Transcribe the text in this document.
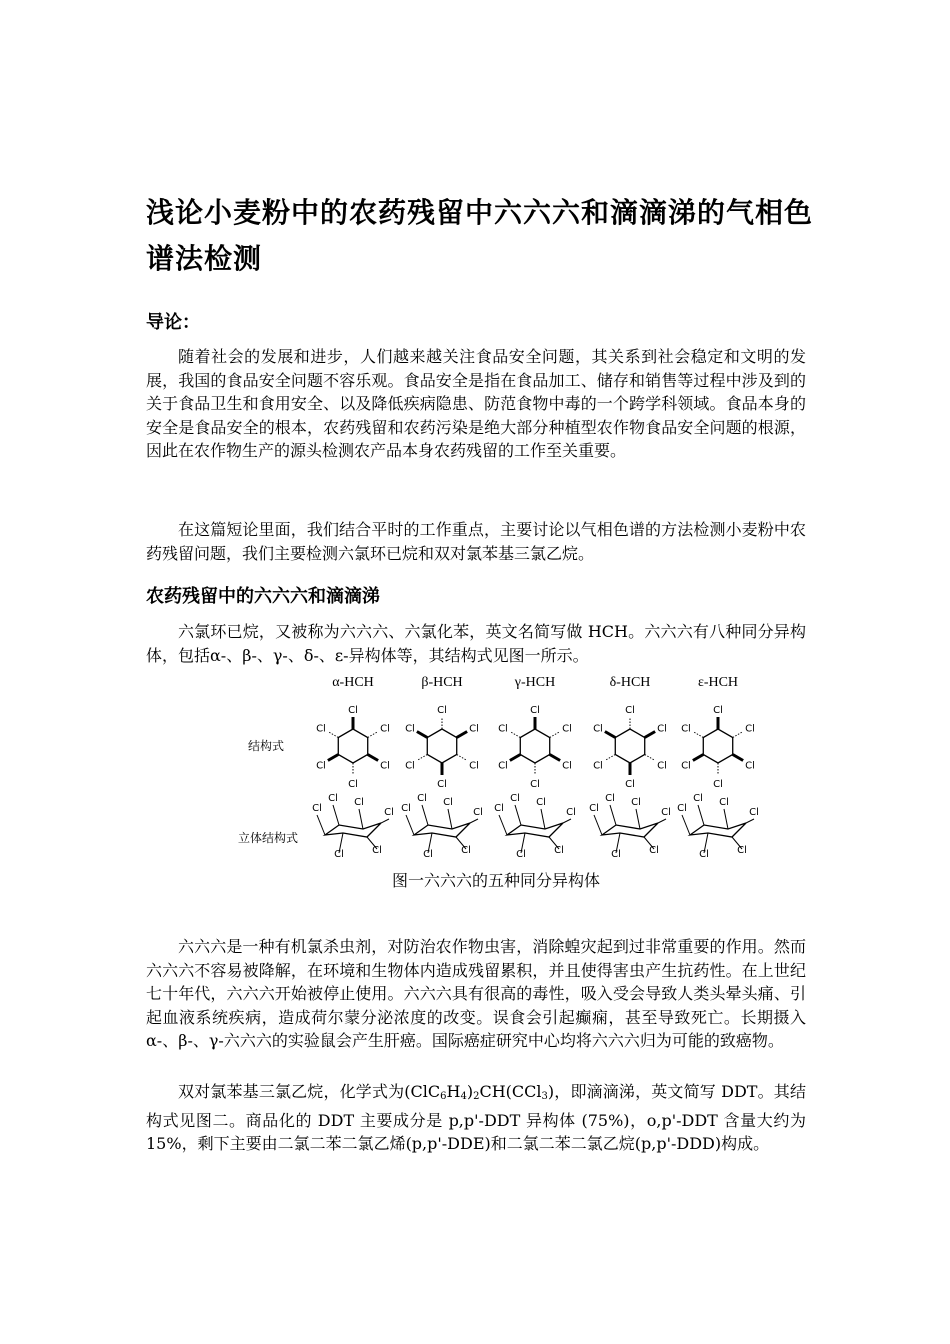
浅论小麦粉中的农药残留中六六六和滴滴涕的气相色谱法检测
导论：

随着社会的发展和进步，人们越来越关注食品安全问题，其关系到社会稳定和文明的发展，我国的食品安全问题不容乐观。食品安全是指在食品加工、储存和销售等过程中涉及到的关于食品卫生和食用安全、以及降低疾病隐患、防范食物中毒的一个跨学科领域。食品本身的安全是食品安全的根本，农药残留和农药污染是绝大部分种植型农作物食品安全问题的根源，因此在农作物生产的源头检测农产品本身农药残留的工作至关重要。

在这篇短论里面，我们结合平时的工作重点，主要讨论以气相色谱的方法检测小麦粉中农药残留问题，我们主要检测六氯环已烷和双对氯苯基三氯乙烷。

农药残留中的六六六和滴滴涕

六氯环已烷，又被称为六六六、六氯化苯，英文名简写做 HCH。六六六有八种同分异构体，包括α-、β-、γ-、δ-、ε-异构体等，其结构式见图一所示。

α-HCH	β-HCH	γ-HCH	δ-HCH	ε-HCH
结构式
立体结构式
Cl
Cl
Cl
Cl
Cl
Cl
Cl
Cl
Cl
Cl
Cl
Cl
Cl
Cl
Cl
Cl
Cl
Cl
Cl
Cl
Cl
Cl
Cl
Cl
Cl
Cl
Cl
Cl
Cl
Cl
Cl
Cl Cl
Cl
Cl
Cl
Cl
Cl Cl
Cl
Cl
Cl
Cl
Cl Cl
Cl
Cl
Cl
Cl
Cl Cl
Cl
Cl
Cl
Cl
Cl Cl
Cl
Cl
Cl
图一六六六的五种同分异构体

六六六是一种有机氯杀虫剂，对防治农作物虫害，消除蝗灾起到过非常重要的作用。然而六六六不容易被降解，在环境和生物体内造成残留累积，并且使得害虫产生抗药性。在上世纪七十年代，六六六开始被停止使用。六六六具有很高的毒性，吸入受会导致人类头晕头痛、引起血液系统疾病，造成荷尔蒙分泌浓度的改变。误食会引起癫痫，甚至导致死亡。长期摄入 α-、β-、γ-六六六的实验鼠会产生肝癌。国际癌症研究中心均将六六六归为可能的致癌物。

双对氯苯基三氯乙烷，化学式为$(ClC_6H_4)_2CH(CCl_3)$，即滴滴涕，英文简写 DDT。其结构式见图二。商品化的 DDT 主要成分是 p,p'-DDT 异构体 (75%)，o,p'-DDT 含量大约为 15%，剩下主要由二氯二苯二氯乙烯(p,p'-DDE)和二氯二苯二氯乙烷(p,p'-DDD)构成。
